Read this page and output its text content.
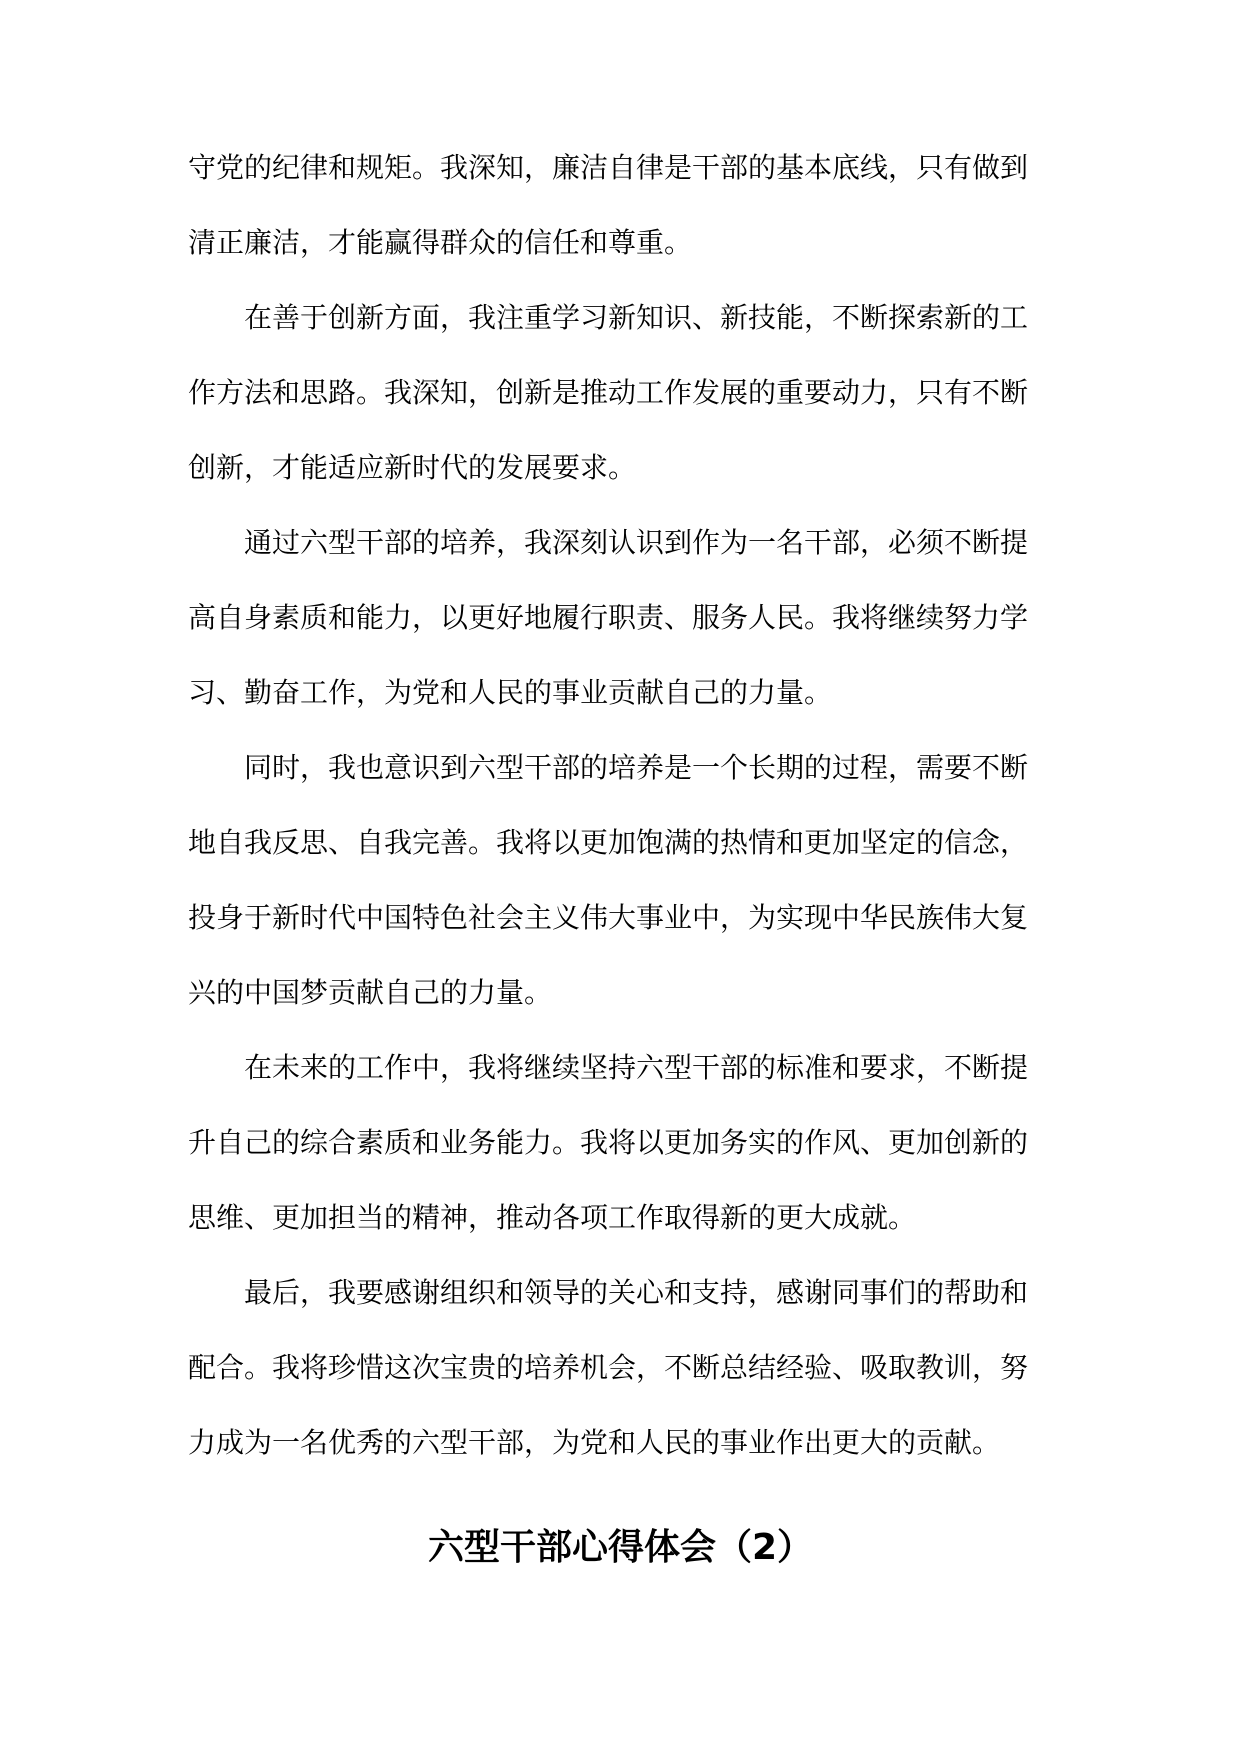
守党的纪律和规矩。我深知，廉洁自律是干部的基本底线，只有做到
清正廉洁，才能赢得群众的信任和尊重。
在善于创新方面，我注重学习新知识、新技能，不断探索新的工
作方法和思路。我深知，创新是推动工作发展的重要动力，只有不断
创新，才能适应新时代的发展要求。
通过六型干部的培养，我深刻认识到作为一名干部，必须不断提
高自身素质和能力，以更好地履行职责、服务人民。我将继续努力学
习、勤奋工作，为党和人民的事业贡献自己的力量。
同时，我也意识到六型干部的培养是一个长期的过程，需要不断
地自我反思、自我完善。我将以更加饱满的热情和更加坚定的信念，
投身于新时代中国特色社会主义伟大事业中，为实现中华民族伟大复
兴的中国梦贡献自己的力量。
在未来的工作中，我将继续坚持六型干部的标准和要求，不断提
升自己的综合素质和业务能力。我将以更加务实的作风、更加创新的
思维、更加担当的精神，推动各项工作取得新的更大成就。
最后，我要感谢组织和领导的关心和支持，感谢同事们的帮助和
配合。我将珍惜这次宝贵的培养机会，不断总结经验、吸取教训，努
力成为一名优秀的六型干部，为党和人民的事业作出更大的贡献。
六型干部心得体会（2）
